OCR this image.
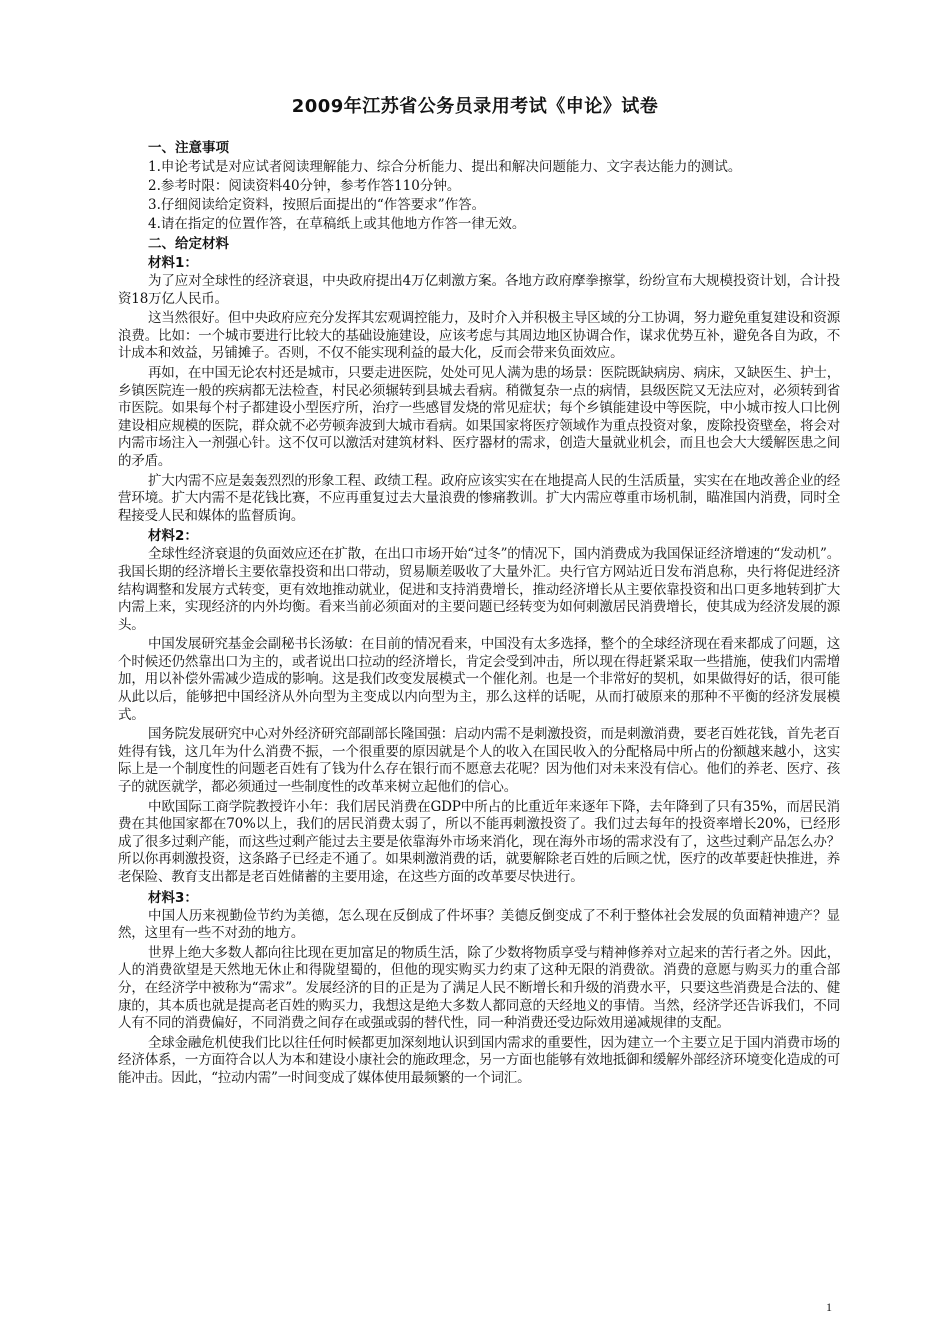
2009年江苏省公务员录用考试《申论》试卷

一、注意事项

1.申论考试是对应试者阅读理解能力、综合分析能力、提出和解决问题能力、文字表达能力的测试。

2.参考时限：阅读资料40分钟，参考作答110分钟。

3.仔细阅读给定资料，按照后面提出的“作答要求”作答。

4.请在指定的位置作答，在草稿纸上或其他地方作答一律无效。

二、给定材料

材料1：

为了应对全球性的经济衰退，中央政府提出4万亿刺激方案。各地方政府摩拳擦掌，纷纷宣布大规模投资计划，合计投资18万亿人民币。

这当然很好。但中央政府应充分发挥其宏观调控能力，及时介入并积极主导区域的分工协调，努力避免重复建设和资源浪费。比如：一个城市要进行比较大的基础设施建设，应该考虑与其周边地区协调合作，谋求优势互补，避免各自为政，不计成本和效益，另铺摊子。否则，不仅不能实现利益的最大化，反而会带来负面效应。

再如，在中国无论农村还是城市，只要走进医院，处处可见人满为患的场景：医院既缺病房、病床，又缺医生、护士，乡镇医院连一般的疾病都无法检查，村民必须辗转到县城去看病。稍微复杂一点的病情，县级医院又无法应对，必须转到省市医院。如果每个村子都建设小型医疗所，治疗一些感冒发烧的常见症状；每个乡镇能建设中等医院，中小城市按人口比例建设相应规模的医院，群众就不必劳顿奔波到大城市看病。如果国家将医疗领域作为重点投资对象，废除投资壁垒，将会对内需市场注入一剂强心针。这不仅可以激活对建筑材料、医疗器材的需求，创造大量就业机会，而且也会大大缓解医患之间的矛盾。

扩大内需不应是轰轰烈烈的形象工程、政绩工程。政府应该实实在在地提高人民的生活质量，实实在在地改善企业的经营环境。扩大内需不是花钱比赛，不应再重复过去大量浪费的惨痛教训。扩大内需应尊重市场机制，瞄准国内消费，同时全程接受人民和媒体的监督质询。

材料2：

全球性经济衰退的负面效应还在扩散，在出口市场开始“过冬”的情况下，国内消费成为我国保证经济增速的“发动机”。我国长期的经济增长主要依靠投资和出口带动，贸易顺差吸收了大量外汇。央行官方网站近日发布消息称，央行将促进经济结构调整和发展方式转变，更有效地推动就业，促进和支持消费增长，推动经济增长从主要依靠投资和出口更多地转到扩大内需上来，实现经济的内外均衡。看来当前必须面对的主要问题已经转变为如何刺激居民消费增长，使其成为经济发展的源头。

中国发展研究基金会副秘书长汤敏：在目前的情况看来，中国没有太多选择，整个的全球经济现在看来都成了问题，这个时候还仍然靠出口为主的，或者说出口拉动的经济增长，肯定会受到冲击，所以现在得赶紧采取一些措施，使我们内需增加，用以补偿外需减少造成的影响。这是我们改变发展模式一个催化剂。也是一个非常好的契机，如果做得好的话，很可能从此以后，能够把中国经济从外向型为主变成以内向型为主，那么这样的话呢，从而打破原来的那种不平衡的经济发展模式。

国务院发展研究中心对外经济研究部副部长隆国强：启动内需不是刺激投资，而是刺激消费，要老百姓花钱，首先老百姓得有钱，这几年为什么消费不振，一个很重要的原因就是个人的收入在国民收入的分配格局中所占的份额越来越小，这实际上是一个制度性的问题老百姓有了钱为什么存在银行而不愿意去花呢？因为他们对未来没有信心。他们的养老、医疗、孩子的就医就学，都必须通过一些制度性的改革来树立起他们的信心。

中欧国际工商学院教授许小年：我们居民消费在GDP中所占的比重近年来逐年下降，去年降到了只有35%，而居民消费在其他国家都在70%以上，我们的居民消费太弱了，所以不能再刺激投资了。我们过去每年的投资率增长20%，已经形成了很多过剩产能，而这些过剩产能过去主要是依靠海外市场来消化，现在海外市场的需求没有了，这些过剩产品怎么办？所以你再刺激投资，这条路子已经走不通了。如果刺激消费的话，就要解除老百姓的后顾之忧，医疗的改革要赶快推进，养老保险、教育支出都是老百姓储蓄的主要用途，在这些方面的改革要尽快进行。

材料3：

中国人历来视勤俭节约为美德，怎么现在反倒成了件坏事？美德反倒变成了不利于整体社会发展的负面精神遗产？显然，这里有一些不对劲的地方。

世界上绝大多数人都向往比现在更加富足的物质生活，除了少数将物质享受与精神修养对立起来的苦行者之外。因此，人的消费欲望是天然地无休止和得陇望蜀的，但他的现实购买力约束了这种无限的消费欲。消费的意愿与购买力的重合部分，在经济学中被称为“需求”。发展经济的目的正是为了满足人民不断增长和升级的消费水平，只要这些消费是合法的、健康的，其本质也就是提高老百姓的购买力，我想这是绝大多数人都同意的天经地义的事情。当然，经济学还告诉我们，不同人有不同的消费偏好，不同消费之间存在或强或弱的替代性，同一种消费还受边际效用递减规律的支配。

全球金融危机使我们比以往任何时候都更加深刻地认识到国内需求的重要性，因为建立一个主要立足于国内消费市场的经济体系，一方面符合以人为本和建设小康社会的施政理念，另一方面也能够有效地抵御和缓解外部经济环境变化造成的可能冲击。因此，“拉动内需”一时间变成了媒体使用最频繁的一个词汇。

1
